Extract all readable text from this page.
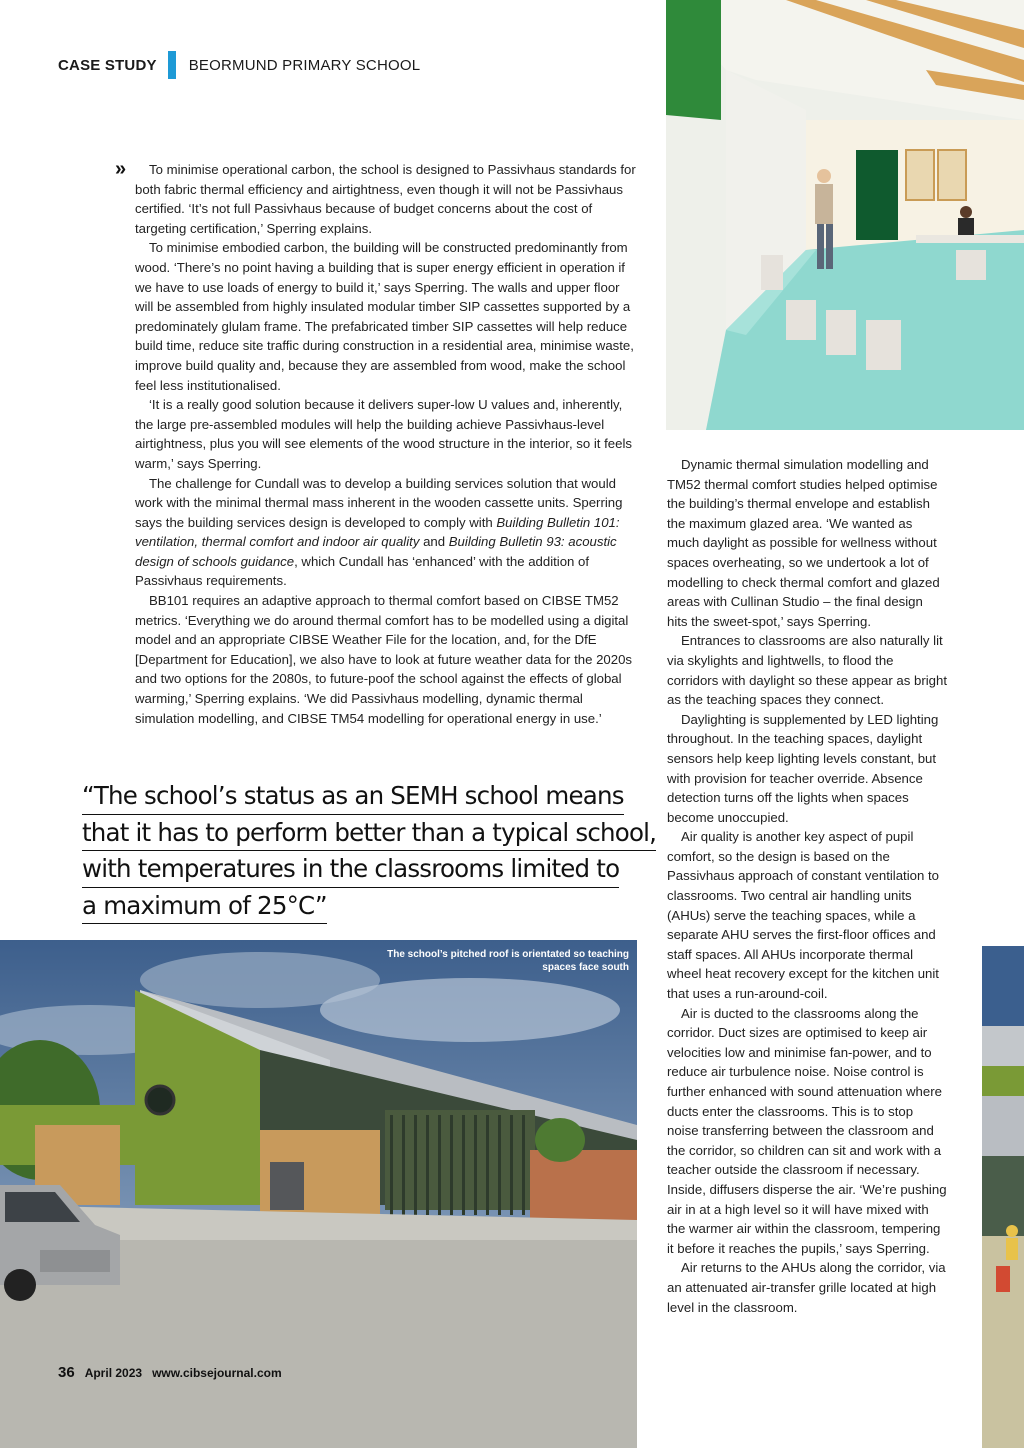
CASE STUDY BEORMUND PRIMARY SCHOOL
»	To minimise operational carbon, the school is designed to Passivhaus standards for both fabric thermal efficiency and airtightness, even though it will not be Passivhaus certified. ‘It’s not full Passivhaus because of budget concerns about the cost of targeting certification,’ Sperring explains.

To minimise embodied carbon, the building will be constructed predominantly from wood. ‘There’s no point having a building that is super energy efficient in operation if we have to use loads of energy to build it,’ says Sperring. The walls and upper floor will be assembled from highly insulated modular timber SIP cassettes supported by a predominately glulam frame. The prefabricated timber SIP cassettes will help reduce build time, reduce site traffic during construction in a residential area, minimise waste, improve build quality and, because they are assembled from wood, make the school feel less institutionalised.

‘It is a really good solution because it delivers super-low U values and, inherently, the large pre-assembled modules will help the building achieve Passivhaus-level airtightness, plus you will see elements of the wood structure in the interior, so it feels warm,’ says Sperring.

The challenge for Cundall was to develop a building services solution that would work with the minimal thermal mass inherent in the wooden cassette units. Sperring says the building services design is developed to comply with Building Bulletin 101: ventilation, thermal comfort and indoor air quality and Building Bulletin 93: acoustic design of schools guidance, which Cundall has ‘enhanced’ with the addition of Passivhaus requirements.

BB101 requires an adaptive approach to thermal comfort based on CIBSE TM52 metrics. ‘Everything we do around thermal comfort has to be modelled using a digital model and an appropriate CIBSE Weather File for the location, and, for the DfE [Department for Education], we also have to look at future weather data for the 2020s and two options for the 2080s, to future-poof the school against the effects of global warming,’ Sperring explains. ‘We did Passivhaus modelling, dynamic thermal simulation modelling, and CIBSE TM54 modelling for operational energy in use.’

“The school’s status as an SEMH school means
that it has to perform better than a typical school,
with temperatures in the classrooms limited to
a maximum of 25°C”

Dynamic thermal simulation modelling and TM52 thermal comfort studies helped optimise the building’s thermal envelope and establish the maximum glazed area. ‘We wanted as much daylight as possible for wellness without spaces overheating, so we undertook a lot of modelling to check thermal comfort and glazed areas with Cullinan Studio – the final design hits the sweet-spot,’ says Sperring.

Entrances to classrooms are also naturally lit via skylights and lightwells, to flood the corridors with daylight so these appear as bright as the teaching spaces they connect.

Daylighting is supplemented by LED lighting throughout. In the teaching spaces, daylight sensors help keep lighting levels constant, but with provision for teacher override. Absence detection turns off the lights when spaces become unoccupied.

Air quality is another key aspect of pupil comfort, so the design is based on the Passivhaus approach of constant ventilation to classrooms. Two central air handling units (AHUs) serve the teaching spaces, while a separate AHU serves the first-floor offices and staff spaces. All AHUs incorporate thermal wheel heat recovery except for the kitchen unit that uses a run-around-coil.

Air is ducted to the classrooms along the corridor. Duct sizes are optimised to keep air velocities low and minimise fan-power, and to reduce air turbulence noise. Noise control is further enhanced with sound attenuation where ducts enter the classrooms. This is to stop noise transferring between the classroom and the corridor, so children can sit and work with a teacher outside the classroom if necessary. Inside, diffusers disperse the air. ‘We’re pushing air in at a high level so it will have mixed with the warmer air within the classroom, tempering it before it reaches the pupils,’ says Sperring.

Air returns to the AHUs along the corridor, via an attenuated air-transfer grille located at high level in the classroom.

The school’s pitched roof is orientated so teaching spaces face south
36 April 2023 www.cibsejournal.com
